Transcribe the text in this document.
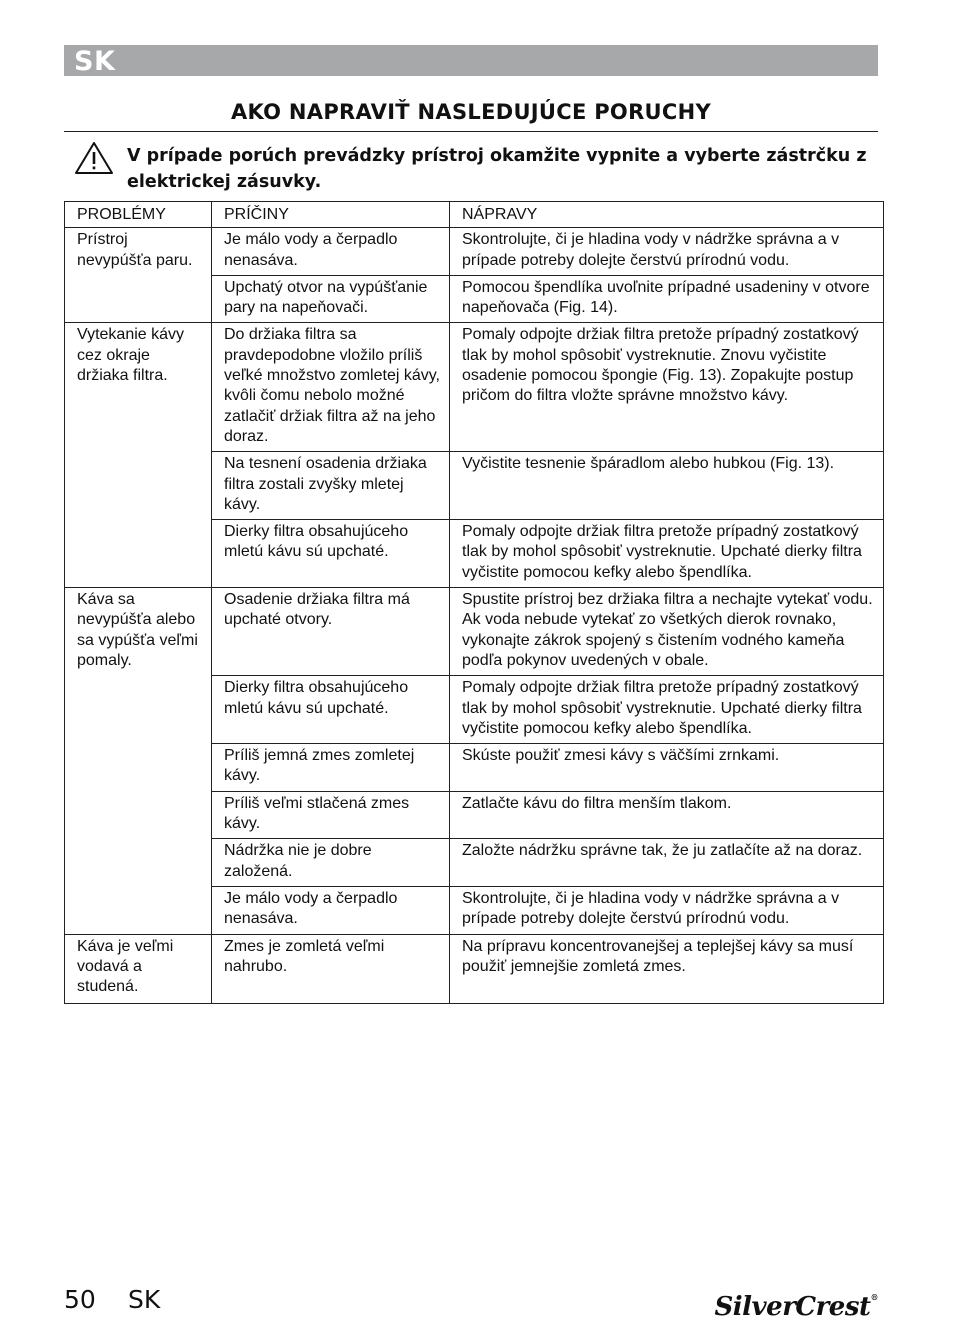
SK
AKO NAPRAVIŤ NASLEDUJÚCE PORUCHY
V prípade porúch prevádzky prístroj okamžite vypnite a vyberte zástrčku z elektrickej zásuvky.
PROBLÉMY	PRÍČINY	NÁPRAVY
Prístroj nevypúšťa paru.	Je málo vody a čerpadlo nenasáva.	Skontrolujte, či je hladina vody v nádržke správna a v prípade potreby dolejte čerstvú prírodnú vodu.
	Upchatý otvor na vypúšťanie pary na napeňovači.	Pomocou špendlíka uvoľnite prípadné usadeniny v otvore napeňovača (Fig. 14).
Vytekanie kávy cez okraje držiaka filtra.	Do držiaka filtra sa pravdepodobne vložilo príliš veľké množstvo zomletej kávy, kvôli čomu nebolo možné zatlačiť držiak filtra až na jeho doraz.	Pomaly odpojte držiak filtra pretože prípadný zostatkový tlak by mohol spôsobiť vystreknutie. Znovu vyčistite osadenie pomocou špongie (Fig. 13). Zopakujte postup pričom do filtra vložte správne množstvo kávy.
	Na tesnení osadenia držiaka filtra zostali zvyšky mletej kávy.	Vyčistite tesnenie špáradlom alebo hubkou (Fig. 13).
	Dierky filtra obsahujúceho mletú kávu sú upchaté.	Pomaly odpojte držiak filtra pretože prípadný zostatkový tlak by mohol spôsobiť vystreknutie. Upchaté dierky filtra vyčistite pomocou kefky alebo špendlíka.
Káva sa nevypúšťa alebo sa vypúšťa veľmi pomaly.	Osadenie držiaka filtra má upchaté otvory.	Spustite prístroj bez držiaka filtra a nechajte vytekať vodu. Ak voda nebude vytekať zo všetkých dierok rovnako, vykonajte zákrok spojený s čistením vodného kameňa podľa pokynov uvedených v obale.
	Dierky filtra obsahujúceho mletú kávu sú upchaté.	Pomaly odpojte držiak filtra pretože prípadný zostatkový tlak by mohol spôsobiť vystreknutie. Upchaté dierky filtra vyčistite pomocou kefky alebo špendlíka.
	Príliš jemná zmes zomletej kávy.	Skúste použiť zmesi kávy s väčšími zrnkami.
	Príliš veľmi stlačená zmes kávy.	Zatlačte kávu do filtra menším tlakom.
	Nádržka nie je dobre založená.	Založte nádržku správne tak, že ju zatlačíte až na doraz.
	Je málo vody a čerpadlo nenasáva.	Skontrolujte, či je hladina vody v nádržke správna a v prípade potreby dolejte čerstvú prírodnú vodu.
Káva je veľmi vodavá a studená.	Zmes je zomletá veľmi nahrubo.	Na prípravu koncentrovanejšej a teplejšej kávy sa musí použiť jemnejšie zomletá zmes.
50 SK	SilverCrest®
